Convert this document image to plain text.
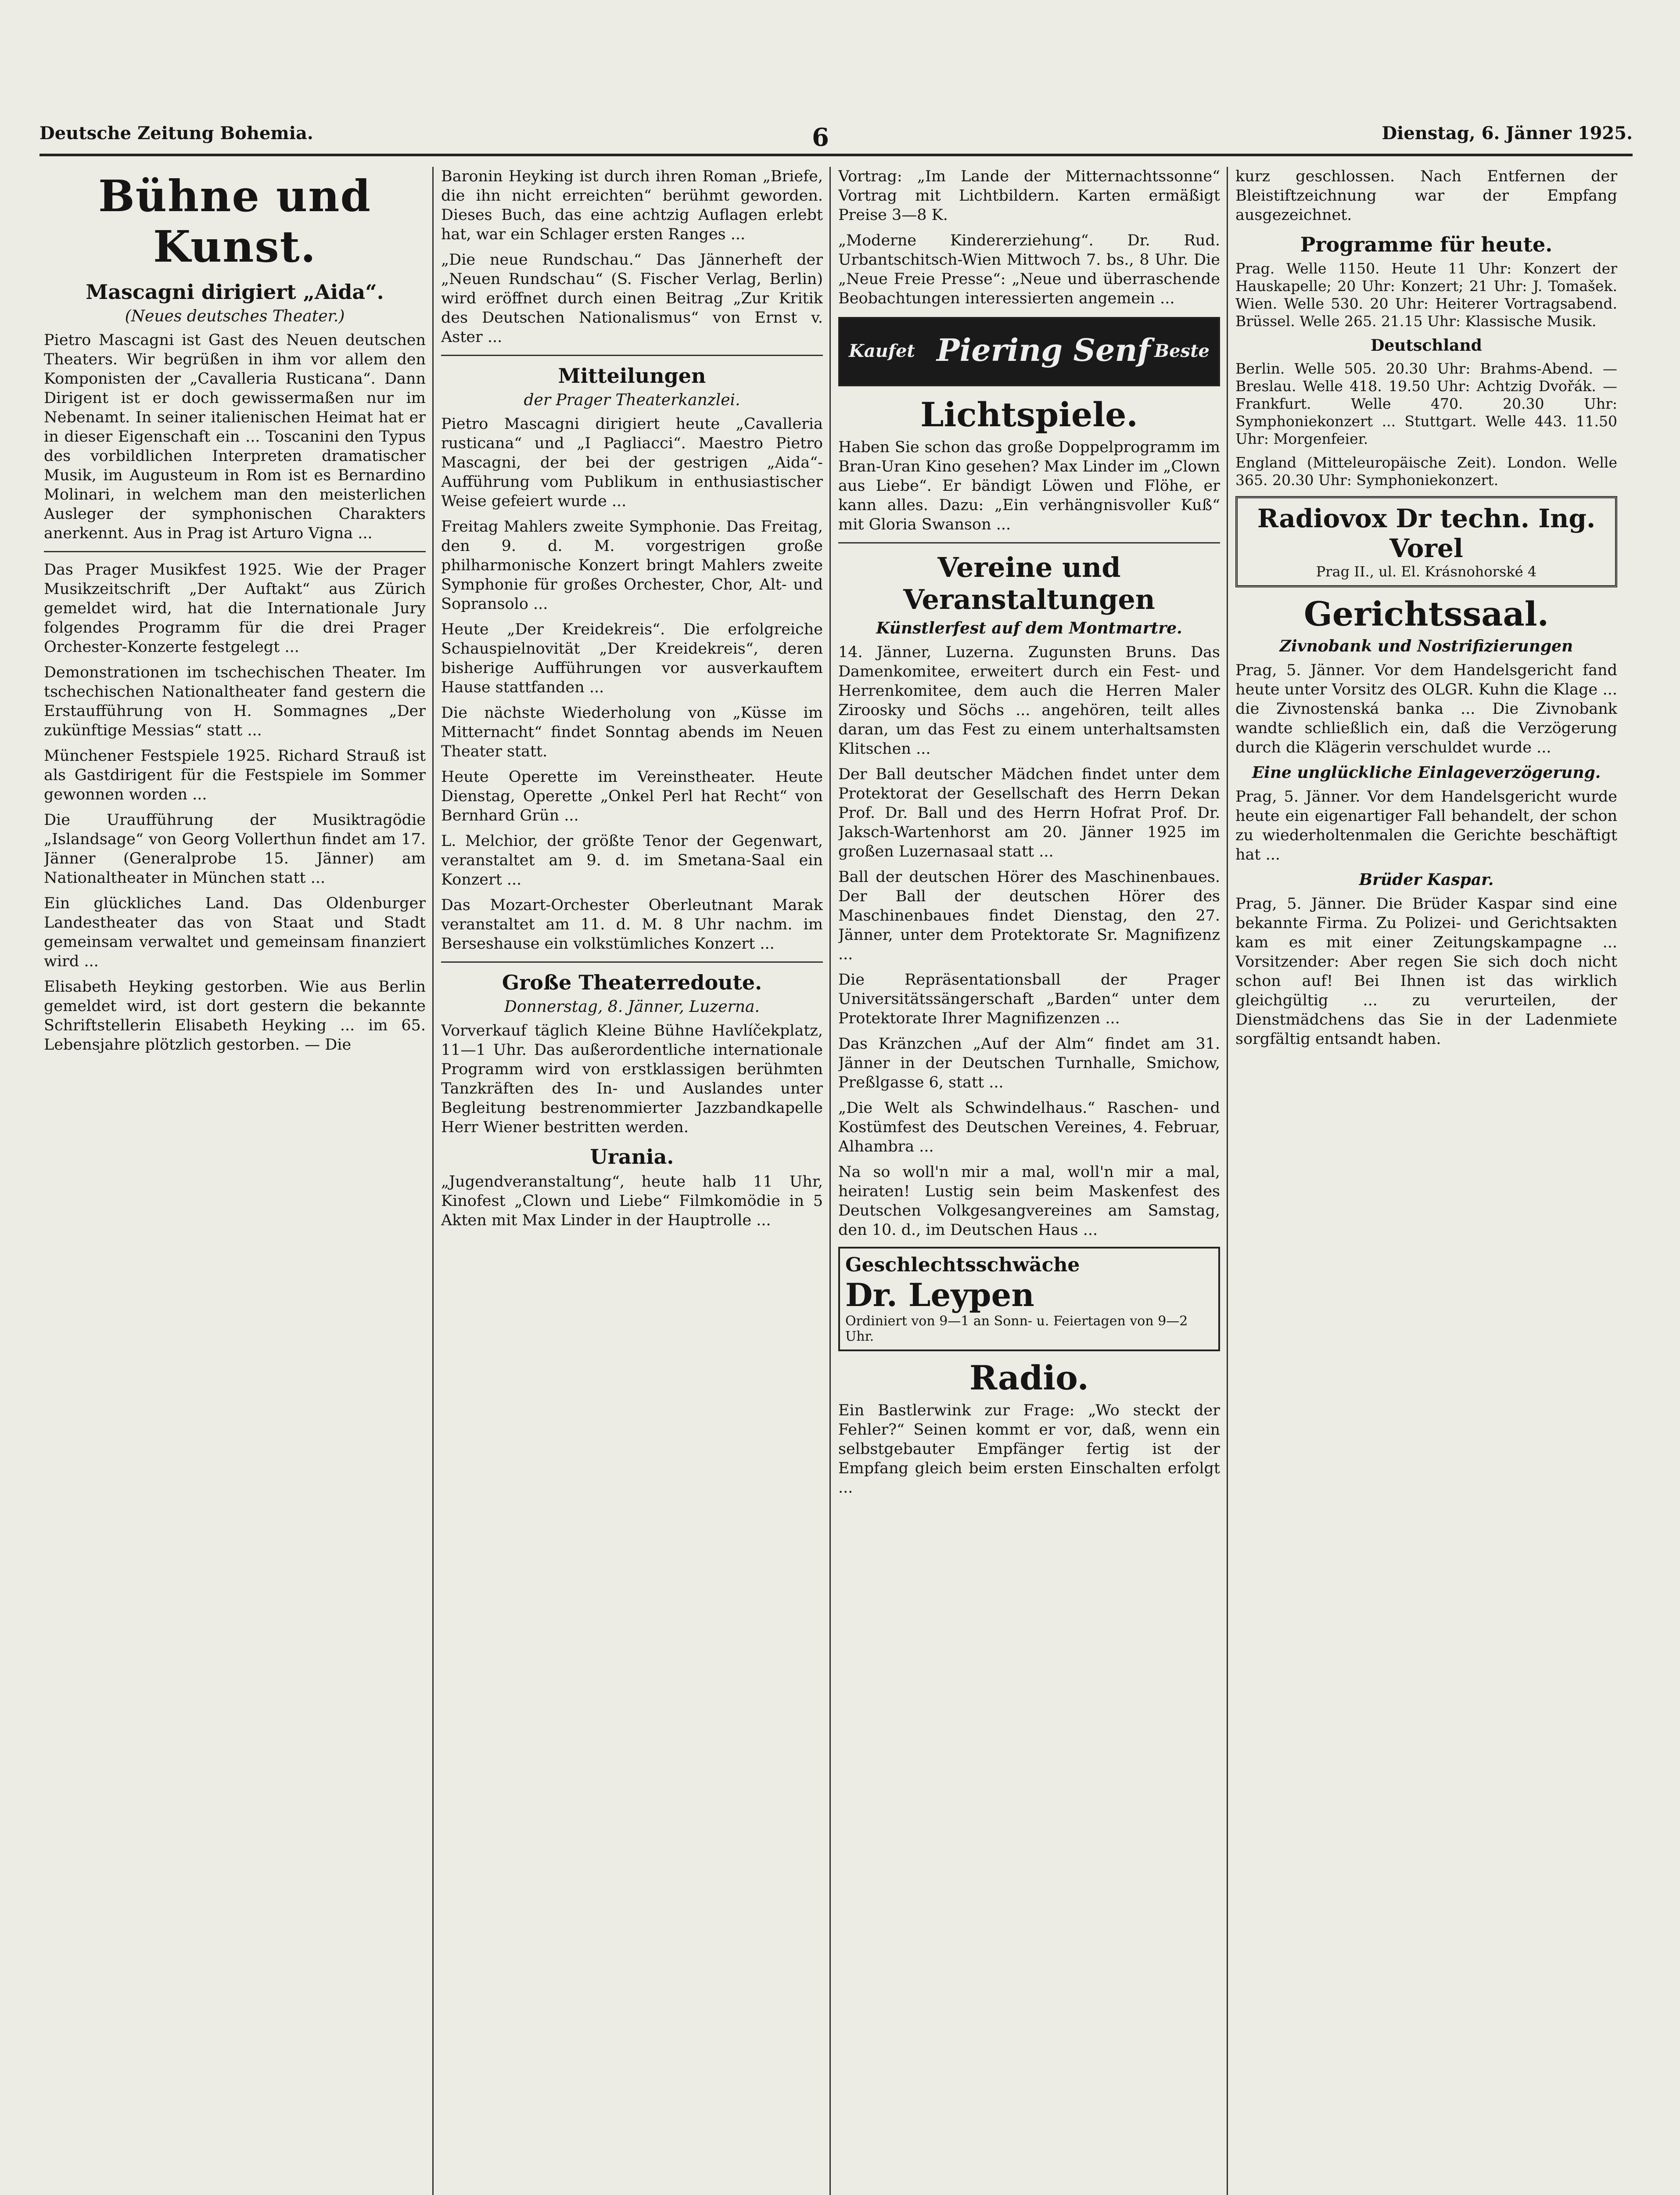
Deutsche Zeitung Bohemia.	6	Dienstag, 6. Jänner 1925.
Bühne und Kunst.
Mascagni dirigiert „Aida“.
(Neues deutsches Theater.)

Pietro Mascagni ist Gast des Neuen deutschen Theaters. Wir begrüßen in ihm vor allem den Komponisten der „Cavalleria Rusticana“. Dann Dirigent ist er doch gewissermaßen nur im Nebenamt. In seiner italienischen Heimat hat er in dieser Eigenschaft ein ... Toscanini den Typus des vorbildlichen Interpreten dramatischer Musik, im Augusteum in Rom ist es Bernardino Molinari, in welchem man den meisterlichen Ausleger der symphonischen Charakters anerkennt. Aus in Prag ist Arturo Vigna ...

Das Prager Musikfest 1925. Wie der Prager Musikzeitschrift „Der Auftakt“ aus Zürich gemeldet wird, hat die Internationale Jury folgendes Programm für die drei Prager Orchester-Konzerte festgelegt ...

Demonstrationen im tschechischen Theater. Im tschechischen Nationaltheater fand gestern die Erstaufführung von H. Sommagnes „Der zukünftige Messias“ statt ...

Münchener Festspiele 1925. Richard Strauß ist als Gastdirigent für die Festspiele im Sommer gewonnen worden ...

Die Uraufführung der Musiktragödie „Islandsage“ von Georg Vollerthun findet am 17. Jänner (Generalprobe 15. Jänner) am Nationaltheater in München statt ...

Ein glückliches Land. Das Oldenburger Landestheater das von Staat und Stadt gemeinsam verwaltet und gemeinsam finanziert wird ...

Elisabeth Heyking gestorben. Wie aus Berlin gemeldet wird, ist dort gestern die bekannte Schriftstellerin Elisabeth Heyking ... im 65. Lebensjahre plötzlich gestorben. — Die

Baronin Heyking ist durch ihren Roman „Briefe, die ihn nicht erreichten“ berühmt geworden. Dieses Buch, das eine achtzig Auflagen erlebt hat, war ein Schlager ersten Ranges ...

„Die neue Rundschau.“ Das Jännerheft der „Neuen Rundschau“ (S. Fischer Verlag, Berlin) wird eröffnet durch einen Beitrag „Zur Kritik des Deutschen Nationalismus“ von Ernst v. Aster ...

Mitteilungen
der Prager Theaterkanzlei.

Pietro Mascagni dirigiert heute „Cavalleria rusticana“ und „I Pagliacci“. Maestro Pietro Mascagni, der bei der gestrigen „Aida“-Aufführung vom Publikum in enthusiastischer Weise gefeiert wurde ...

Freitag Mahlers zweite Symphonie. Das Freitag, den 9. d. M. vorgestrigen große philharmonische Konzert bringt Mahlers zweite Symphonie für großes Orchester, Chor, Alt- und Sopransolo ...

Heute „Der Kreidekreis“. Die erfolgreiche Schauspielnovität „Der Kreidekreis“, deren bisherige Aufführungen vor ausverkauftem Hause stattfanden ...

Die nächste Wiederholung von „Küsse im Mitternacht“ findet Sonntag abends im Neuen Theater statt.

Heute Operette im Vereinstheater. Heute Dienstag, Operette „Onkel Perl hat Recht“ von Bernhard Grün ...

L. Melchior, der größte Tenor der Gegenwart, veranstaltet am 9. d. im Smetana-Saal ein Konzert ...

Das Mozart-Orchester Oberleutnant Marak veranstaltet am 11. d. M. 8 Uhr nachm. im Berseshause ein volkstümliches Konzert ...

Große Theaterredoute.
Donnerstag, 8. Jänner, Luzerna.

Vorverkauf täglich Kleine Bühne Havlíčekplatz, 11—1 Uhr. Das außerordentliche internationale Programm wird von erstklassigen berühmten Tanzkräften des In- und Auslandes unter Begleitung bestrenommierter Jazzbandkapelle Herr Wiener bestritten werden.

Urania.

„Jugendveranstaltung“, heute halb 11 Uhr, Kinofest „Clown und Liebe“ Filmkomödie in 5 Akten mit Max Linder in der Hauptrolle ...

Vortrag: „Im Lande der Mitternachtssonne“ Vortrag mit Lichtbildern. Karten ermäßigt Preise 3—8 K.

„Moderne Kindererziehung“. Dr. Rud. Urbantschitsch-Wien Mittwoch 7. bs., 8 Uhr. Die „Neue Freie Presse“: „Neue und überraschende Beobachtungen interessierten angemein ...

Kaufet Piering Senf Beste
Lichtspiele.

Haben Sie schon das große Doppelprogramm im Bran-Uran Kino gesehen? Max Linder im „Clown aus Liebe“. Er bändigt Löwen und Flöhe, er kann alles. Dazu: „Ein verhängnisvoller Kuß“ mit Gloria Swanson ...

Vereine und Veranstaltungen
Künstlerfest auf dem Montmartre.

14. Jänner, Luzerna. Zugunsten Bruns. Das Damenkomitee, erweitert durch ein Fest- und Herrenkomitee, dem auch die Herren Maler Ziroosky und Söchs ... angehören, teilt alles daran, um das Fest zu einem unterhaltsamsten Klitschen ...

Der Ball deutscher Mädchen findet unter dem Protektorat der Gesellschaft des Herrn Dekan Prof. Dr. Ball und des Herrn Hofrat Prof. Dr. Jaksch-Wartenhorst am 20. Jänner 1925 im großen Luzernasaal statt ...

Ball der deutschen Hörer des Maschinenbaues. Der Ball der deutschen Hörer des Maschinenbaues findet Dienstag, den 27. Jänner, unter dem Protektorate Sr. Magnifizenz ...

Die Repräsentationsball der Prager Universitätssängerschaft „Barden“ unter dem Protektorate Ihrer Magnifizenzen ...

Das Kränzchen „Auf der Alm“ findet am 31. Jänner in der Deutschen Turnhalle, Smichow, Preßlgasse 6, statt ...

„Die Welt als Schwindelhaus.“ Raschen- und Kostümfest des Deutschen Vereines, 4. Februar, Alhambra ...

Na so woll'n mir a mal, woll'n mir a mal, heiraten! Lustig sein beim Maskenfest des Deutschen Volkgesangvereines am Samstag, den 10. d., im Deutschen Haus ...

Geschlechtsschwäche
Dr. Leypen
Ordiniert von 9—1 an Sonn- u. Feiertagen von 9—2 Uhr.
Radio.

Ein Bastlerwink zur Frage: „Wo steckt der Fehler?“ Seinen kommt er vor, daß, wenn ein selbstgebauter Empfänger fertig ist der Empfang gleich beim ersten Einschalten erfolgt ...

kurz geschlossen. Nach Entfernen der Bleistiftzeichnung war der Empfang ausgezeichnet.

Programme für heute.

Prag. Welle 1150. Heute 11 Uhr: Konzert der Hauskapelle; 20 Uhr: Konzert; 21 Uhr: J. Tomašek. Wien. Welle 530. 20 Uhr: Heiterer Vortragsabend. Brüssel. Welle 265. 21.15 Uhr: Klassische Musik.

Deutschland

Berlin. Welle 505. 20.30 Uhr: Brahms-Abend. — Breslau. Welle 418. 19.50 Uhr: Achtzig Dvořák. — Frankfurt. Welle 470. 20.30 Uhr: Symphoniekonzert ... Stuttgart. Welle 443. 11.50 Uhr: Morgenfeier.

England (Mitteleuropäische Zeit). London. Welle 365. 20.30 Uhr: Symphoniekonzert.

Radiovox Dr techn. Ing. Vorel
Prag II., ul. El. Krásnohorské 4
Gerichtssaal.
Zivnobank und Nostrifizierungen

Prag, 5. Jänner. Vor dem Handelsgericht fand heute unter Vorsitz des OLGR. Kuhn die Klage ... die Zivnostenská banka ... Die Zivnobank wandte schließlich ein, daß die Verzögerung durch die Klägerin verschuldet wurde ...

Eine unglückliche Einlageverzögerung.

Prag, 5. Jänner. Vor dem Handelsgericht wurde heute ein eigenartiger Fall behandelt, der schon zu wiederholtenmalen die Gerichte beschäftigt hat ...

Brüder Kaspar.

Prag, 5. Jänner. Die Brüder Kaspar sind eine bekannte Firma. Zu Polizei- und Gerichtsakten kam es mit einer Zeitungskampagne ... Vorsitzender: Aber regen Sie sich doch nicht schon auf! Bei Ihnen ist das wirklich gleichgültig ... zu verurteilen, der Dienstmädchens das Sie in der Ladenmiete sorgfältig entsandt haben.
